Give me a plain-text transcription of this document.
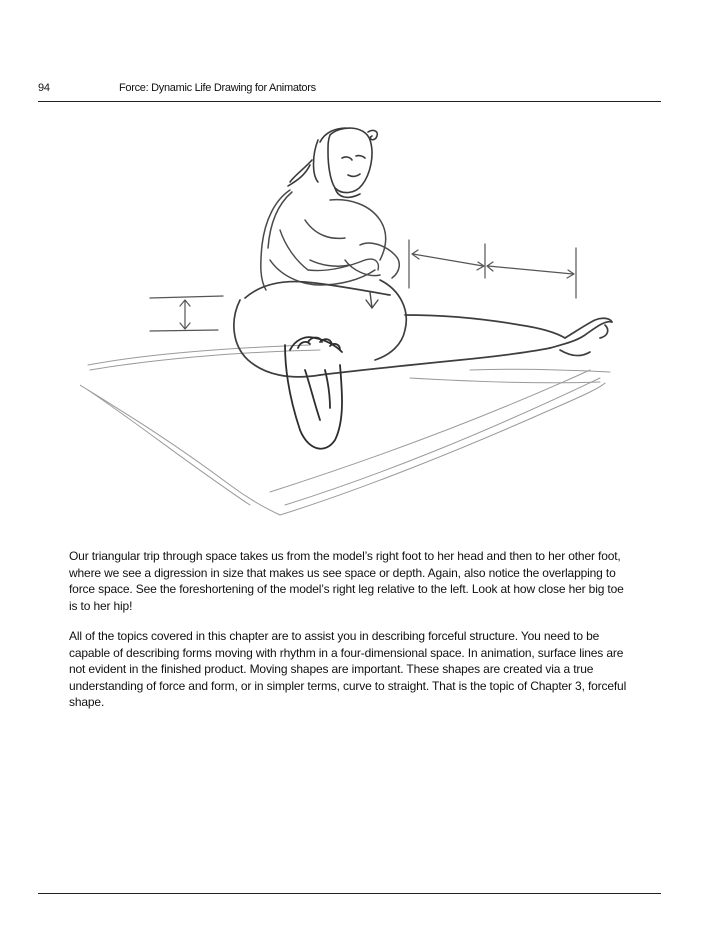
94	Force: Dynamic Life Drawing for Animators

Our triangular trip through space takes us from the model’s right foot to her head and then to her other foot, where we see a digression in size that makes us see space or depth. Again, also notice the overlapping to force space. See the foreshortening of the model’s right leg relative to the left. Look at how close her big toe is to her hip!

All of the topics covered in this chapter are to assist you in describing forceful structure. You need to be capable of describing forms moving with rhythm in a four-dimensional space. In animation, surface lines are not evident in the finished product. Moving shapes are important. These shapes are created via a true understanding of force and form, or in simpler terms, curve to straight. That is the topic of Chapter 3, forceful shape.
